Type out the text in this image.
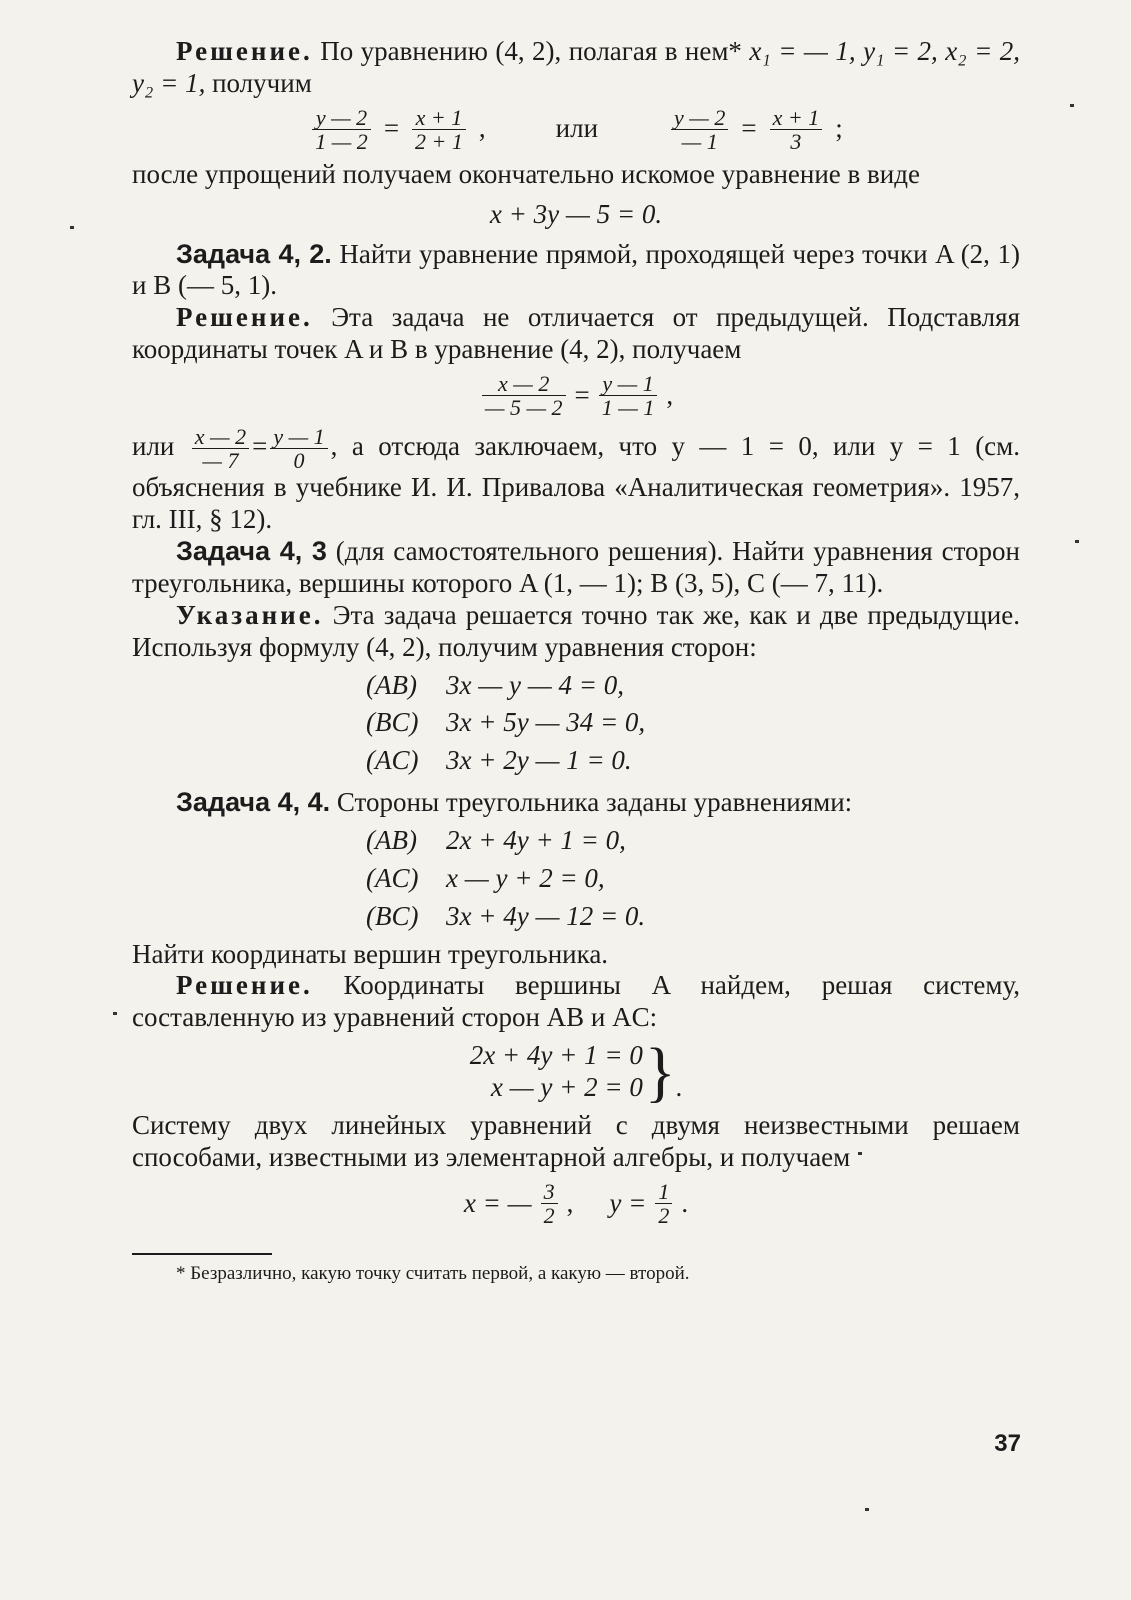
Решение. По уравнению (4, 2), полагая в нем* x₁ = — 1, y₁ = 2, x₂ = 2, y₂ = 1, получим

$\frac{y — 2}{1 — 2} = \frac{x + 1}{2 + 1}$ ,	или	$\frac{y — 2}{— 1} = \frac{x + 1}{3}$ ;

после упрощений получаем окончательно искомое уравнение в виде

x + 3y — 5 = 0.

Задача 4, 2. Найти уравнение прямой, проходящей через точки A (2, 1) и B (— 5, 1).

Решение. Эта задача не отличается от предыдущей. Подставляя координаты точек A и B в уравнение (4, 2), получаем

$\frac{x — 2}{— 5 — 2} = \frac{y — 1}{1 — 1}$ ,

или $\frac{x — 2}{— 7} = \frac{y — 1}{0}$ , а отсюда заключаем, что y — 1 = 0, или y = 1 (см. объяснения в учебнике И. И. Привалова «Аналитическая геометрия». 1957, гл. III, § 12).

Задача 4, 3 (для самостоятельного решения). Найти уравнения сторон треугольника, вершины которого A (1, — 1); B (3, 5), C (— 7, 11).

Указание. Эта задача решается точно так же, как и две предыдущие. Используя формулу (4, 2), получим уравнения сторон:

(AB)	3x — y — 4 = 0,
(BC)	3x + 5y — 34 = 0,
(AC)	3x + 2y — 1 = 0.

Задача 4, 4. Стороны треугольника заданы уравнениями:

(AB)	2x + 4y + 1 = 0,
(AC)	x — y + 2 = 0,
(BC)	3x + 4y — 12 = 0.

Найти координаты вершин треугольника.

Решение. Координаты вершины A найдем, решая систему, составленную из уравнений сторон AB и AC:

2x + 4y + 1 = 0
x — y + 2 = 0 } .

Систему двух линейных уравнений с двумя неизвестными решаем способами, известными из элементарной алгебры, и получаем

x = — $\frac{3}{2}$ , $y = \frac{1}{2}$ .

* Безразлично, какую точку считать первой, а какую — второй.

37
